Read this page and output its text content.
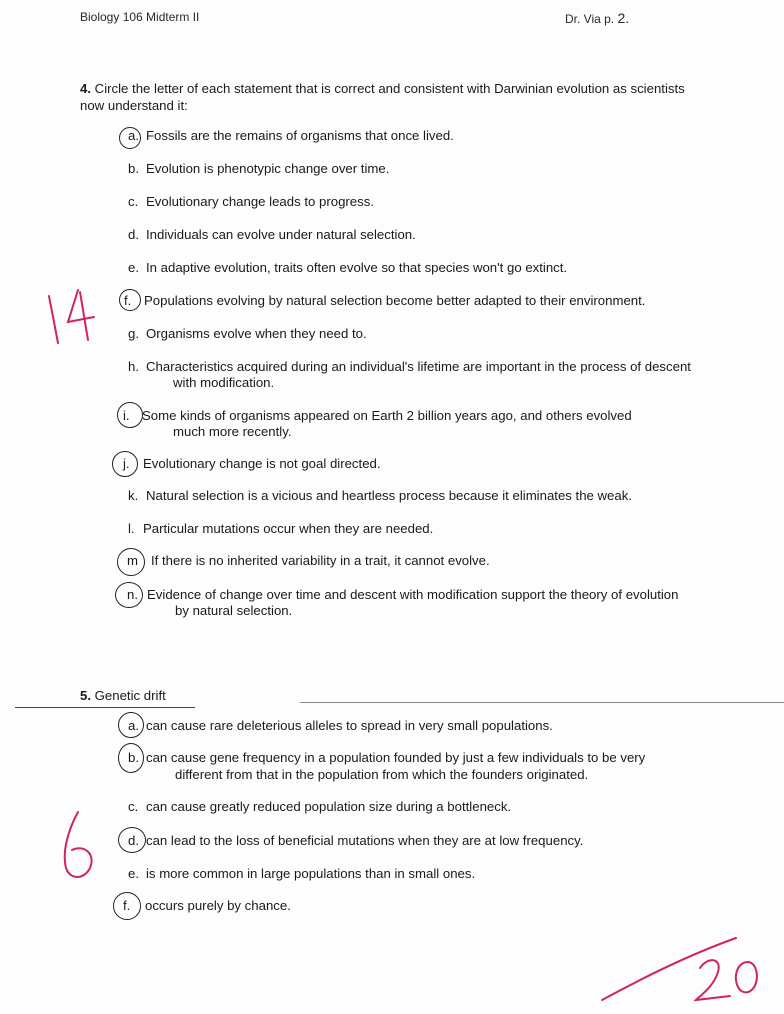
Biology 106 Midterm II	Dr. Via p. 2.
4. Circle the letter of each statement that is correct and consistent with Darwinian evolution as scientists
now understand it:
a. Fossils are the remains of organisms that once lived.
b. Evolution is phenotypic change over time.
c. Evolutionary change leads to progress.
d. Individuals can evolve under natural selection.
e. In adaptive evolution, traits often evolve so that species won't go extinct.
f. Populations evolving by natural selection become better adapted to their environment.
g. Organisms evolve when they need to.
h. Characteristics acquired during an individual's lifetime are important in the process of descent
with modification.
i. Some kinds of organisms appeared on Earth 2 billion years ago, and others evolved
much more recently.
j. Evolutionary change is not goal directed.
k. Natural selection is a vicious and heartless process because it eliminates the weak.
l. Particular mutations occur when they are needed.
m If there is no inherited variability in a trait, it cannot evolve.
n. Evidence of change over time and descent with modification support the theory of evolution
by natural selection.
5. Genetic drift
a. can cause rare deleterious alleles to spread in very small populations.
b. can cause gene frequency in a population founded by just a few individuals to be very
different from that in the population from which the founders originated.
c. can cause greatly reduced population size during a bottleneck.
d. can lead to the loss of beneficial mutations when they are at low frequency.
e. is more common in large populations than in small ones.
f. occurs purely by chance.
